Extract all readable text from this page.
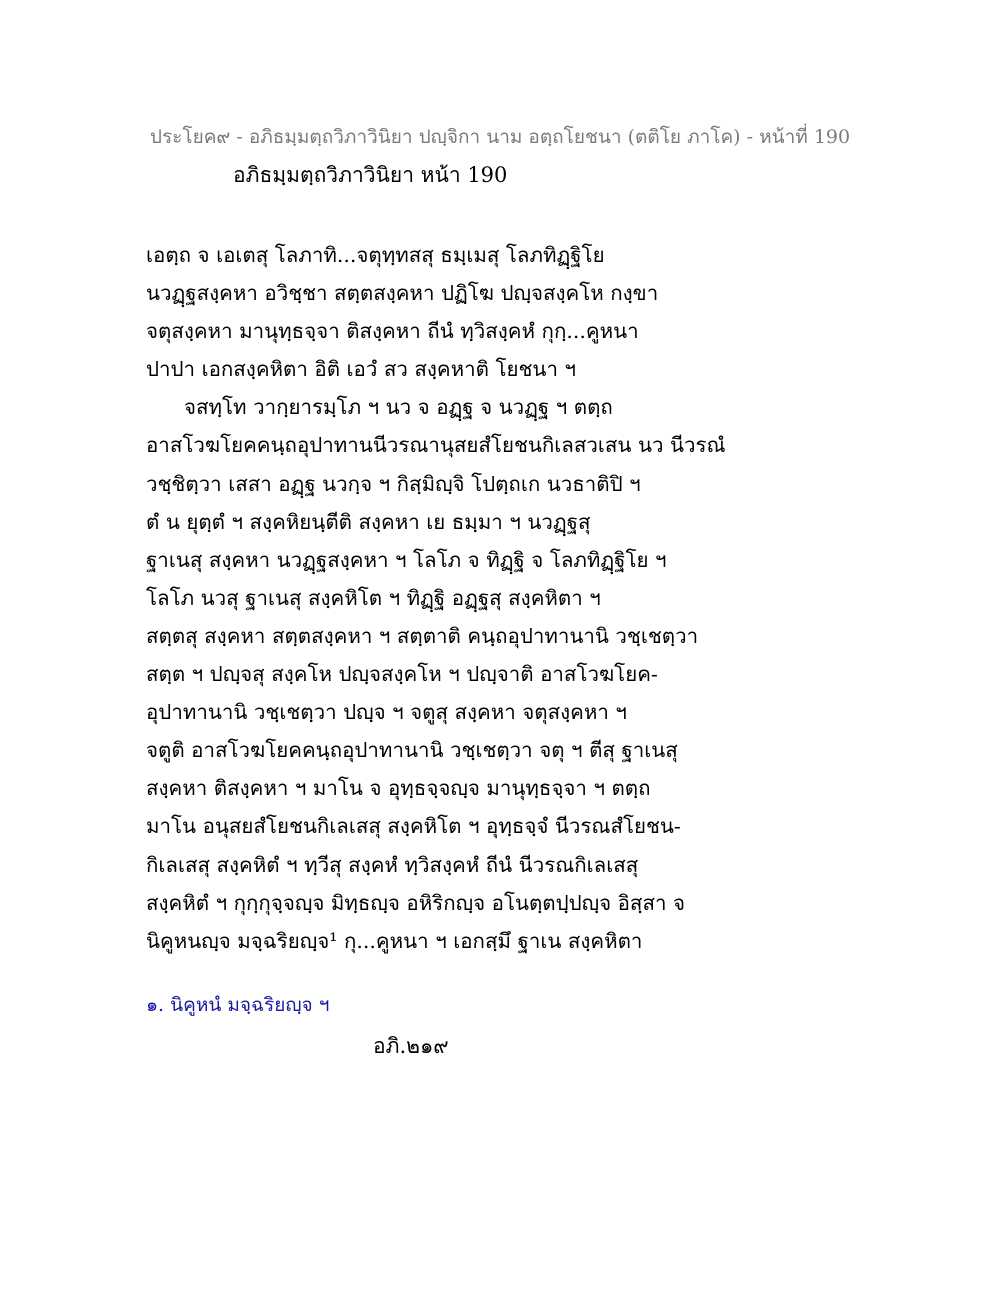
ประโยค๙ - อภิธมฺมตฺถวิภาวินิยา ปญฺจิกา นาม อตฺถโยชนา (ตติโย ภาโค) - หน้าที่ 190
อภิธมฺมตฺถวิภาวินิยา หน้า 190
เอตฺถ จ เอเตสุ โลภาทิ...จตุทฺทสสุ ธมฺเมสุ โลภทิฏฺฐิโย
นวฏฺฐสงฺคหา อวิชฺชา สตฺตสงฺคหา ปฏิโฆ ปญฺจสงฺคโห กงฺขา
จตุสงฺคหา มานุทฺธจฺจา ติสงฺคหา ถีนํ ทฺวิสงฺคหํ กุกฺ...คูหนา
ปาปา เอกสงฺคหิตา อิติ เอวํ สว สงฺคหาติ โยชนา ฯ
จสทฺโท วากฺยารมฺโภ ฯ นว จ อฏฺฐ จ นวฏฺฐ ฯ ตตฺถ
อาสโวฆโยคคนฺถอุปาทานนีวรณานุสยสํโยชนกิเลสวเสน นว นีวรณํ
วชฺชิตฺวา เสสา อฏฺฐ นวกฺจ ฯ กิสฺมิญฺจิ โปตฺถเก นวธาติปิ ฯ
ตํ น ยุตฺตํ ฯ สงฺคหิยนฺตีติ สงฺคหา เย ธมฺมา ฯ นวฏฺฐสุ
ฐาเนสุ สงฺคหา นวฏฺฐสงฺคหา ฯ โลโภ จ ทิฏฺฐิ จ โลภทิฏฺฐิโย ฯ
โลโภ นวสุ ฐาเนสุ สงฺคหิโต ฯ ทิฏฺฐิ อฏฺฐสุ สงฺคหิตา ฯ
สตฺตสุ สงฺคหา สตฺตสงฺคหา ฯ สตฺตาติ คนฺถอุปาทานานิ วชฺเชตฺวา
สตฺต ฯ ปญฺจสุ สงฺคโห ปญฺจสงฺคโห ฯ ปญฺจาติ อาสโวฆโยค-
อุปาทานานิ วชฺเชตฺวา ปญฺจ ฯ จตูสุ สงฺคหา จตุสงฺคหา ฯ
จตูติ อาสโวฆโยคคนฺถอุปาทานานิ วชฺเชตฺวา จตุ ฯ ตีสุ ฐาเนสุ
สงฺคหา ติสงฺคหา ฯ มาโน จ อุทฺธจฺจญฺจ มานุทฺธจฺจา ฯ ตตฺถ
มาโน อนุสยสํโยชนกิเลเสสุ สงฺคหิโต ฯ อุทฺธจฺจํ นีวรณสํโยชน-
กิเลเสสุ สงฺคหิตํ ฯ ทฺวีสุ สงฺคหํ ทฺวิสงฺคหํ ถีนํ นีวรณกิเลเสสุ
สงฺคหิตํ ฯ กุกฺกุจฺจญฺจ มิทฺธญฺจ อหิริกญฺจ อโนตฺตปฺปญฺจ อิสฺสา จ
นิคูหนญฺจ มจฺฉริยญฺจ¹ กุ...คูหนา ฯ เอกสฺมึ ฐาเน สงฺคหิตา
๑. นิคูหนํ มจฺฉริยญฺจ ฯ
อภิ.๒๑๙
